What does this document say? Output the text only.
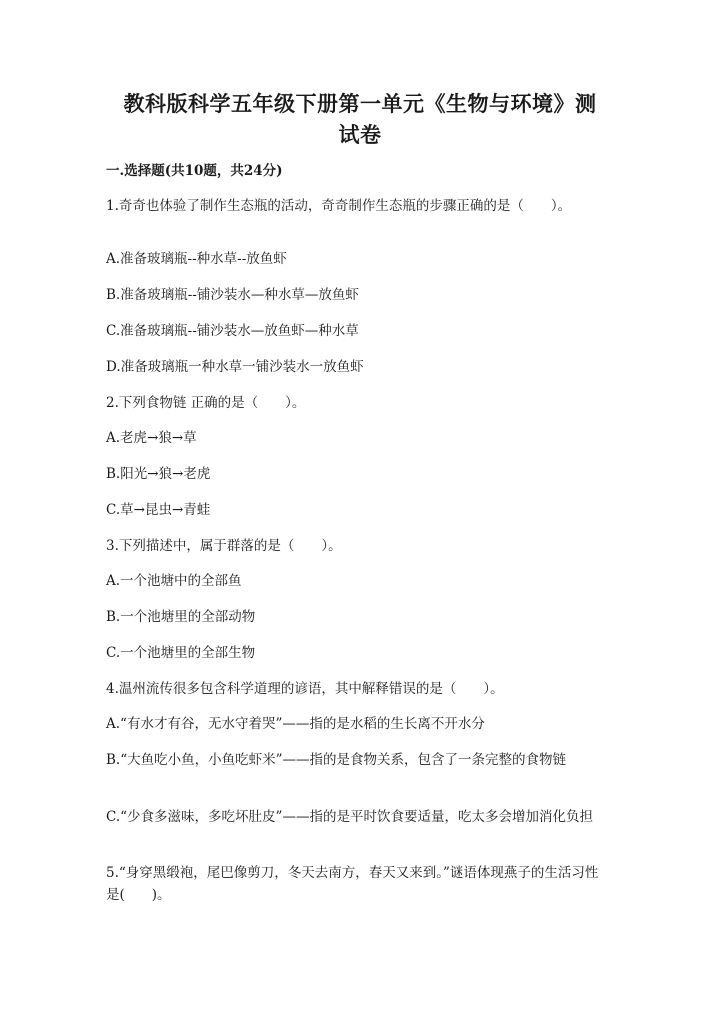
教科版科学五年级下册第一单元《生物与环境》测
试卷
一.选择题(共10题，共24分)
1.奇奇也体验了制作生态瓶的活动，奇奇制作生态瓶的步骤正确的是（　　）。
A.准备玻璃瓶--种水草--放鱼虾
B.准备玻璃瓶--铺沙装水—种水草—放鱼虾
C.准备玻璃瓶--铺沙装水—放鱼虾—种水草
D.准备玻璃瓶一种水草一铺沙装水一放鱼虾
2.下列食物链 正确的是（　　）。
A.老虎→狼→草
B.阳光→狼→老虎
C.草→昆虫→青蛙
3.下列描述中，属于群落的是（　　）。
A.一个池塘中的全部鱼
B.一个池塘里的全部动物
C.一个池塘里的全部生物
4.温州流传很多包含科学道理的谚语，其中解释错误的是（　　）。
A.“有水才有谷，无水守着哭”——指的是水稻的生长离不开水分
B.“大鱼吃小鱼，小鱼吃虾米”——指的是食物关系，包含了一条完整的食物链
C.“少食多滋味，多吃坏肚皮”——指的是平时饮食要适量，吃太多会增加消化负担
5.“身穿黑缎袍，尾巴像剪刀，冬天去南方，春天又来到。”谜语体现燕子的生活习性是(　　)。
